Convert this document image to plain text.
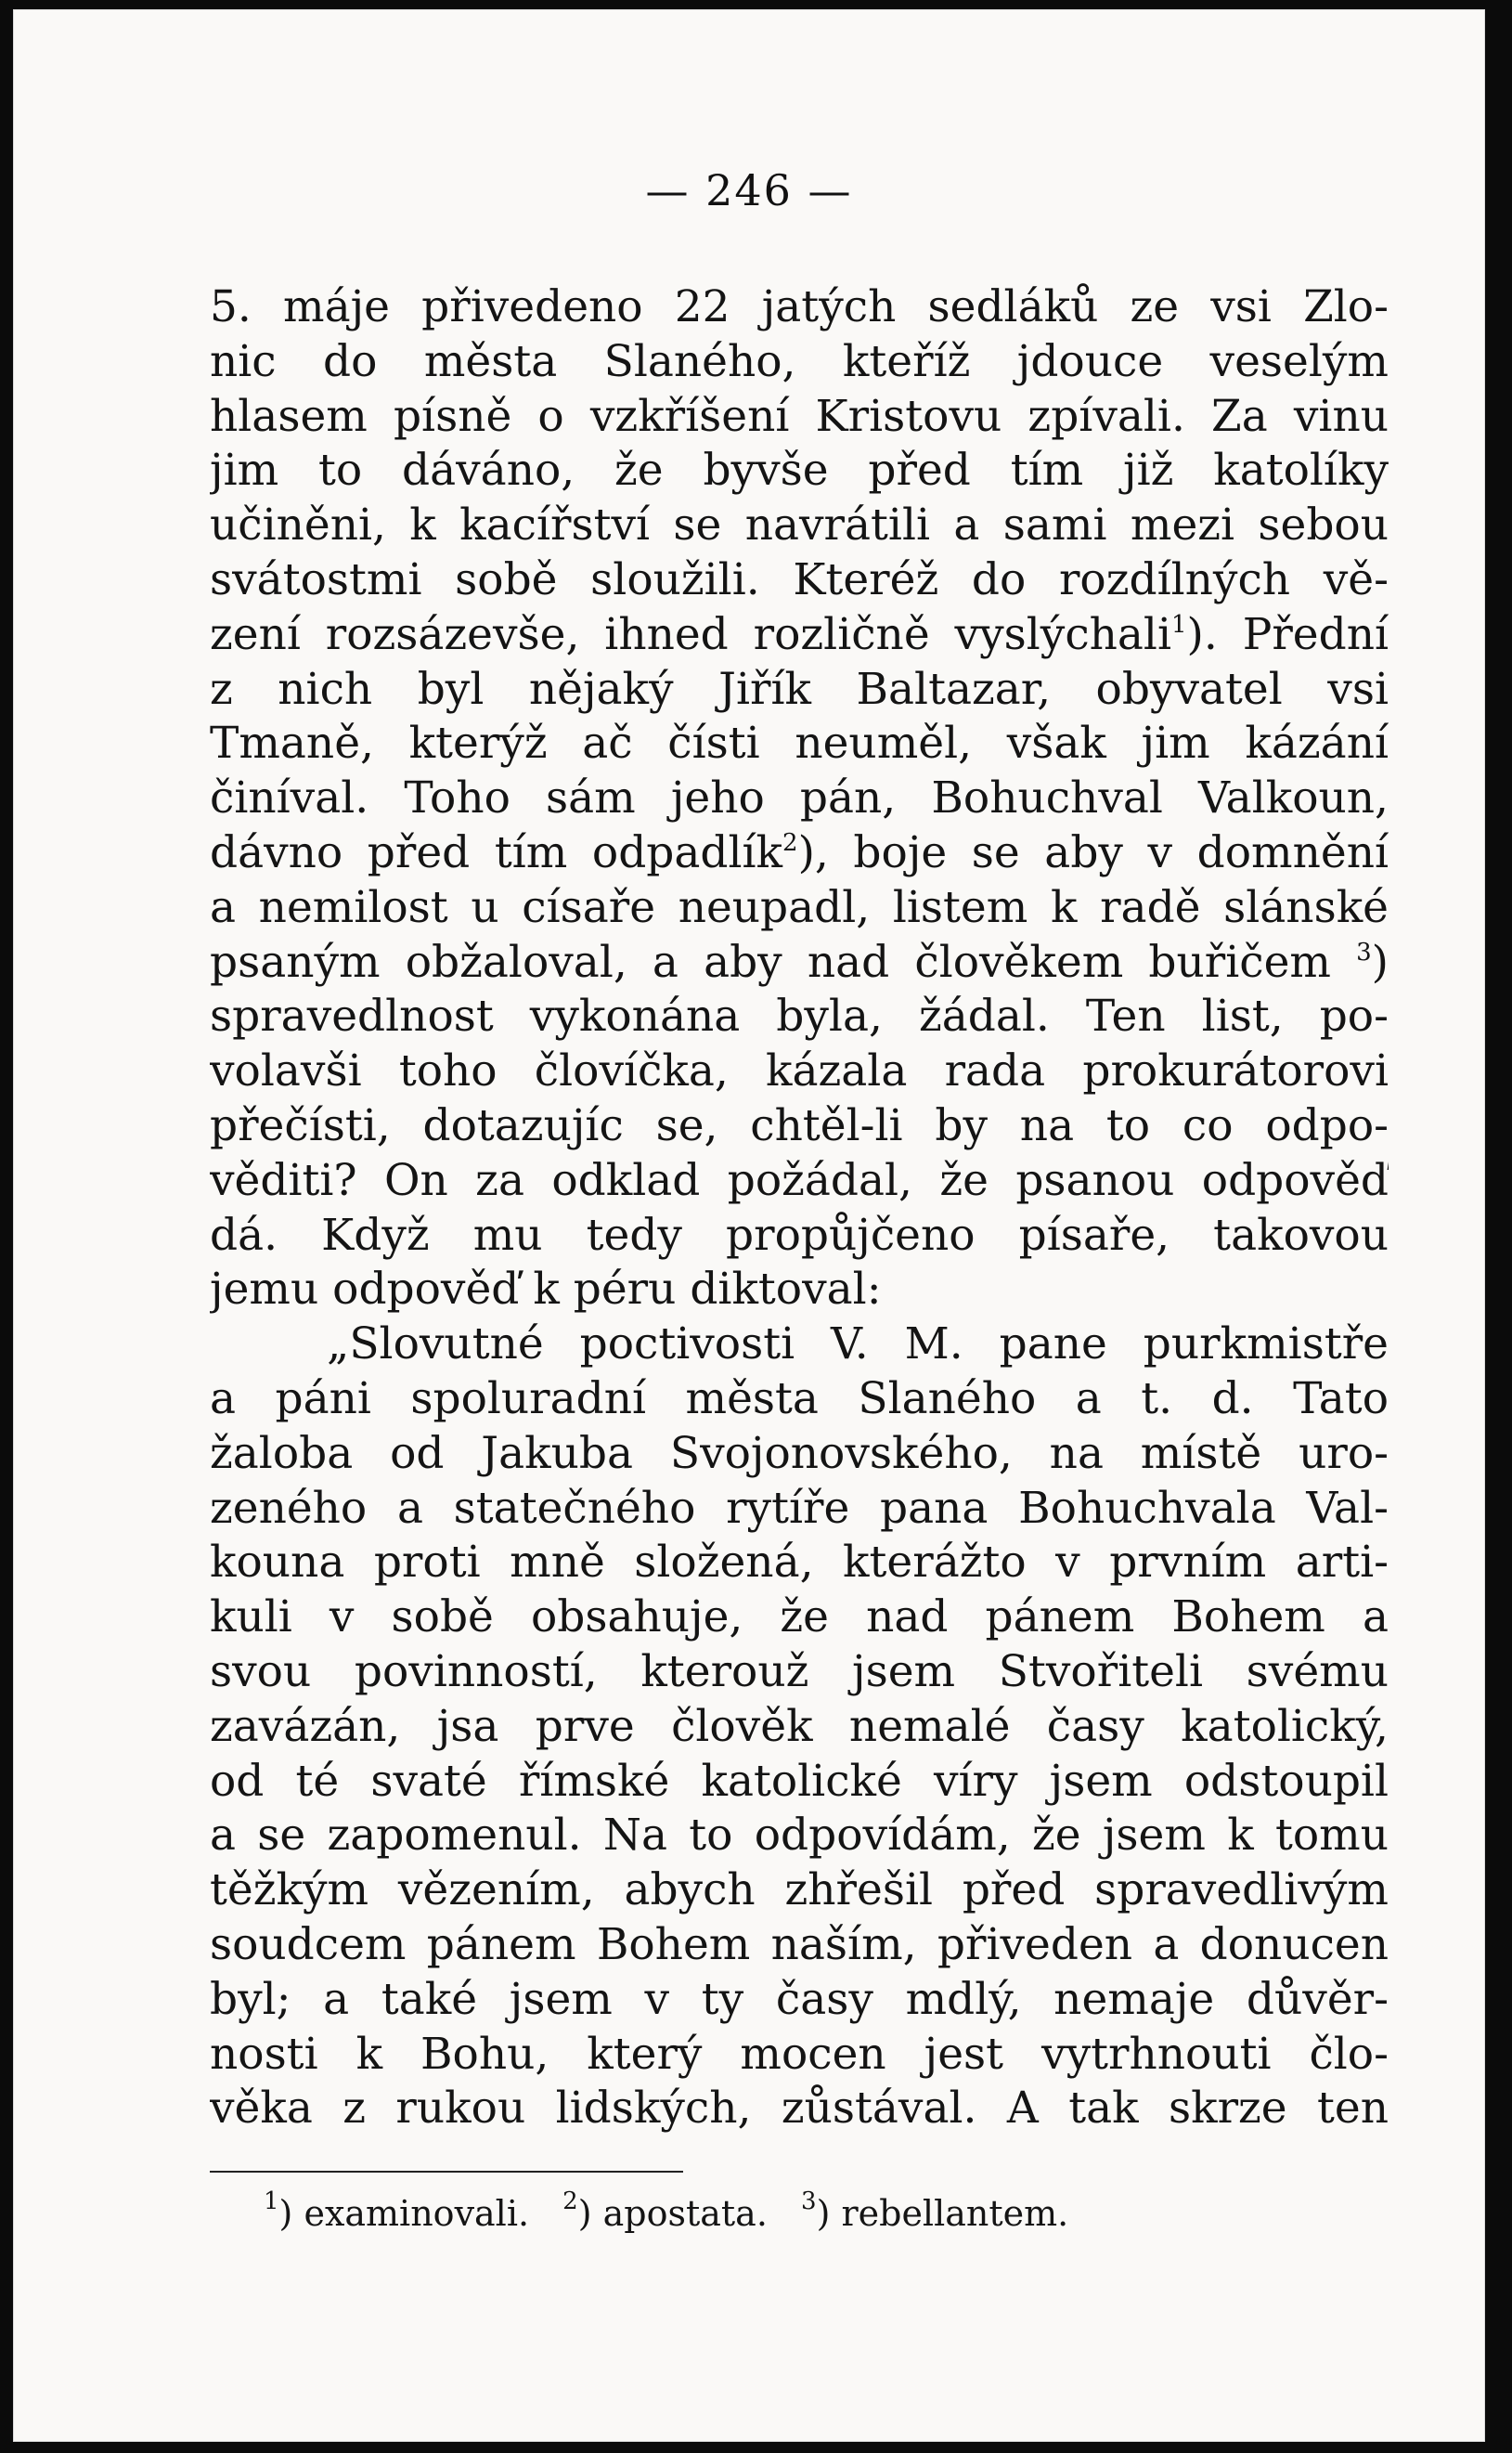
— 246 —
5. máje přivedeno 22 jatých sedláků ze vsi Zlo-
nic do města Slaného, kteříž jdouce veselým
hlasem písně o vzkříšení Kristovu zpívali. Za vinu
jim to dáváno, že byvše před tím již katolíky
učiněni, k kacířství se navrátili a sami mezi sebou
svátostmi sobě sloužili. Kteréž do rozdílných vě-
zení rozsázevše, ihned rozličně vyslýchali$^1$). Přední
z nich byl nějaký Jiřík Baltazar, obyvatel vsi
Tmaně, kterýž ač čísti neuměl, však jim kázání
činíval. Toho sám jeho pán, Bohuchval Valkoun,
dávno před tím odpadlík$^2$), boje se aby v domnění
a nemilost u císaře neupadl, listem k radě slánské
psaným obžaloval, a aby nad člověkem buřičem $^3$)
spravedlnost vykonána byla, žádal. Ten list, po-
volavši toho človíčka, kázala rada prokurátorovi
přečísti, dotazujíc se, chtěl-li by na to co odpo-
věditi? On za odklad požádal, že psanou odpověď
dá. Když mu tedy propůjčeno písaře, takovou
jemu odpověď k péru diktoval:
„Slovutné poctivosti V. M. pane purkmistře
a páni spoluradní města Slaného a t. d. Tato
žaloba od Jakuba Svojonovského, na místě uro-
zeného a statečného rytíře pana Bohuchvala Val-
kouna proti mně složená, kterážto v prvním arti-
kuli v sobě obsahuje, že nad pánem Bohem a
svou povinností, kterouž jsem Stvořiteli svému
zavázán, jsa prve člověk nemalé časy katolický,
od té svaté římské katolické víry jsem odstoupil
a se zapomenul. Na to odpovídám, že jsem k tomu
těžkým vězením, abych zhřešil před spravedlivým
soudcem pánem Bohem naším, přiveden a donucen
byl; a také jsem v ty časy mdlý, nemaje důvěr-
nosti k Bohu, který mocen jest vytrhnouti člo-
věka z rukou lidských, zůstával. A tak skrze ten
$^1$) examinovali. $^2$) apostata. $^3$) rebellantem.
